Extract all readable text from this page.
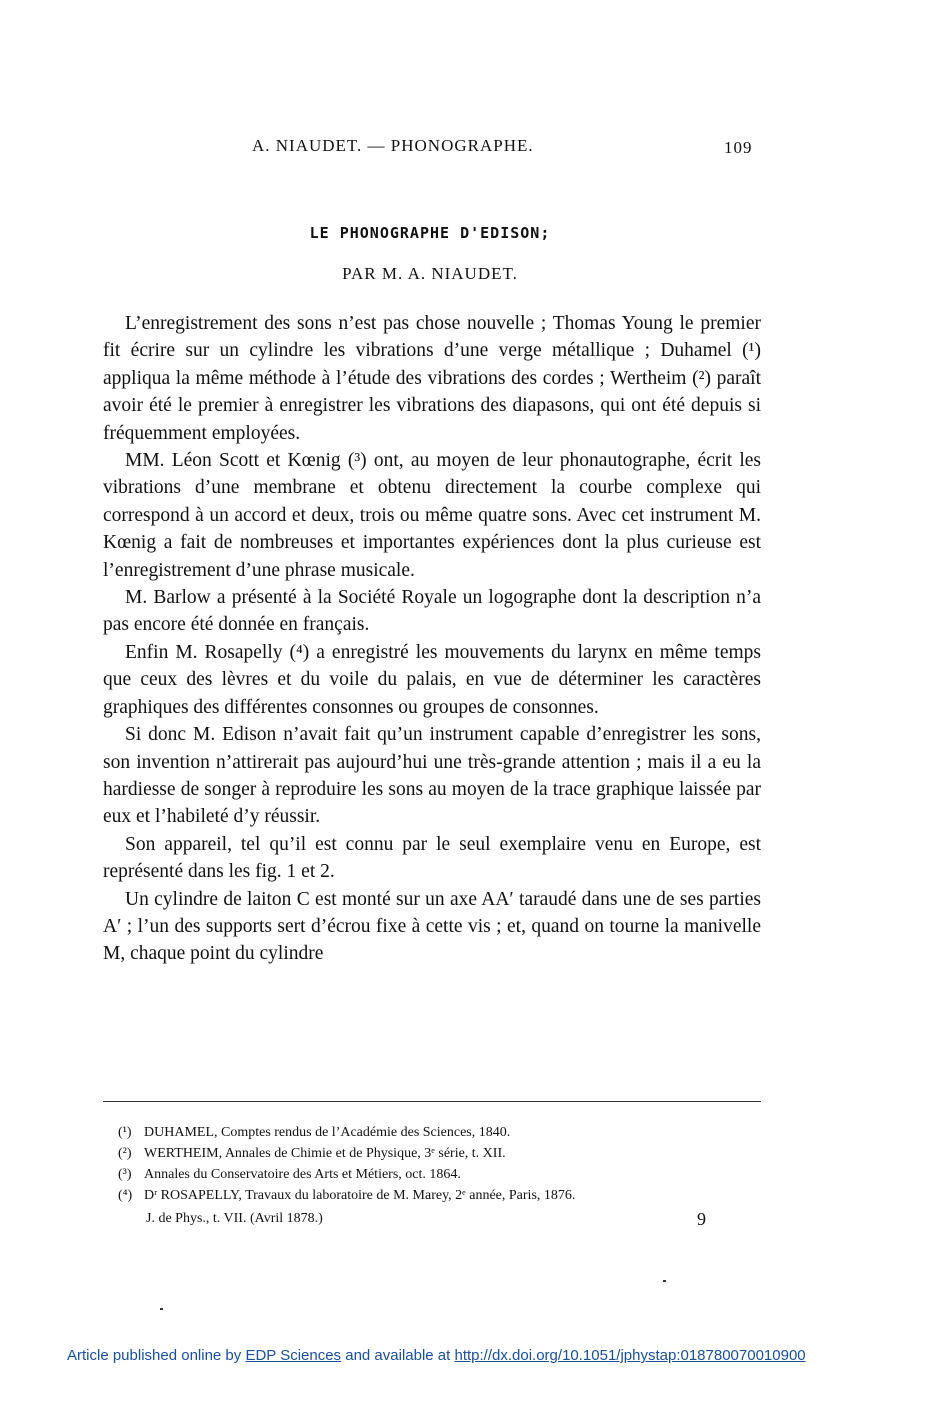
A. NIAUDET. — PHONOGRAPHE.	109
LE PHONOGRAPHE D'EDISON;
PAR M. A. NIAUDET.

L’enregistrement des sons n’est pas chose nouvelle ; Thomas Young le premier fit écrire sur un cylindre les vibrations d’une verge métallique ; Duhamel (¹) appliqua la même méthode à l’étude des vibrations des cordes ; Wertheim (²) paraît avoir été le premier à enregistrer les vibrations des diapasons, qui ont été depuis si fréquemment employées.

MM. Léon Scott et Kœnig (³) ont, au moyen de leur phonautographe, écrit les vibrations d’une membrane et obtenu directement la courbe complexe qui correspond à un accord et deux, trois ou même quatre sons. Avec cet instrument M. Kœnig a fait de nombreuses et importantes expériences dont la plus curieuse est l’enregistrement d’une phrase musicale.

M. Barlow a présenté à la Société Royale un logographe dont la description n’a pas encore été donnée en français.

Enfin M. Rosapelly (⁴) a enregistré les mouvements du larynx en même temps que ceux des lèvres et du voile du palais, en vue de déterminer les caractères graphiques des différentes consonnes ou groupes de consonnes.

Si donc M. Edison n’avait fait qu’un instrument capable d’enregistrer les sons, son invention n’attirerait pas aujourd’hui une très-grande attention ; mais il a eu la hardiesse de songer à reproduire les sons au moyen de la trace graphique laissée par eux et l’habileté d’y réussir.

Son appareil, tel qu’il est connu par le seul exemplaire venu en Europe, est représenté dans les fig. 1 et 2.

Un cylindre de laiton C est monté sur un axe AA′ taraudé dans une de ses parties A′ ; l’un des supports sert d’écrou fixe à cette vis ; et, quand on tourne la manivelle M, chaque point du cylindre

(¹) DUHAMEL, Comptes rendus de l’Académie des Sciences, 1840.

(²) WERTHEIM, Annales de Chimie et de Physique, 3ᵉ série, t. XII.

(³) Annales du Conservatoire des Arts et Métiers, oct. 1864.

(⁴) Dʳ ROSAPELLY, Travaux du laboratoire de M. Marey, 2ᵉ année, Paris, 1876.

J. de Phys., t. VII. (Avril 1878.)	9
Article published online by EDP Sciences and available at http://dx.doi.org/10.1051/jphystap:018780070010900
